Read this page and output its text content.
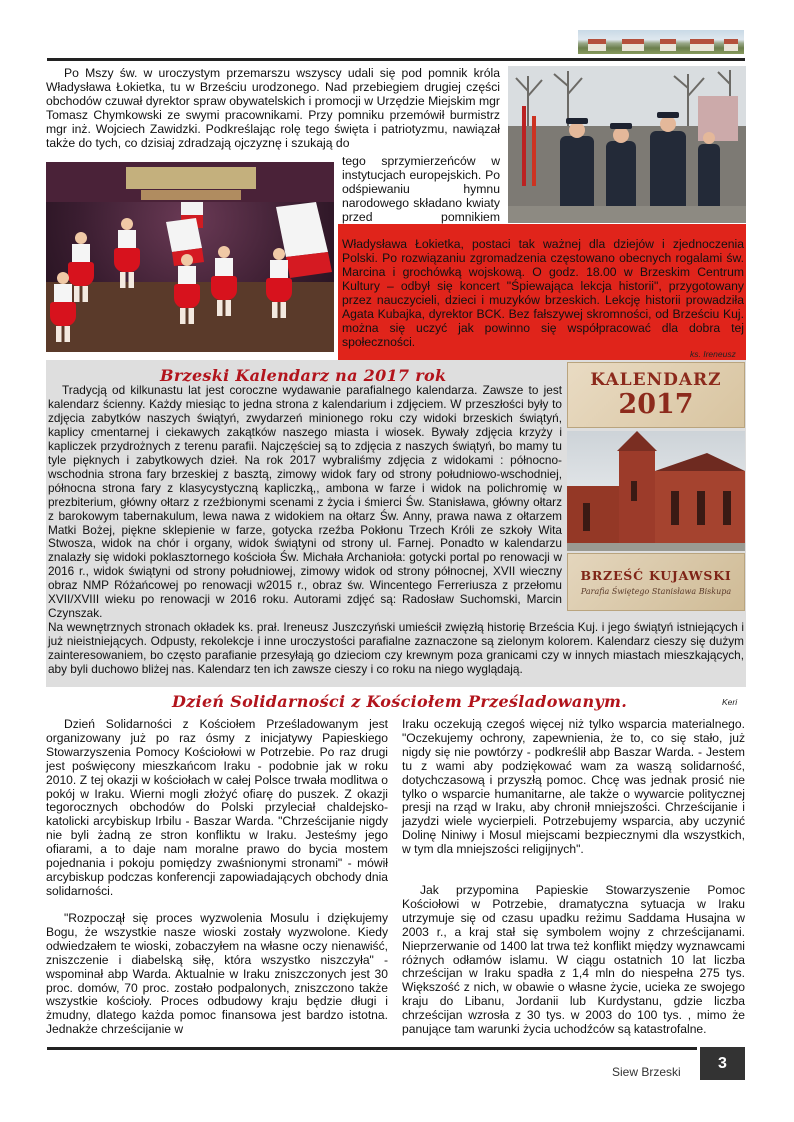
Po Mszy św. w uroczystym przemarszu wszyscy udali się pod pomnik króla Władysława Łokietka, tu w Brześciu urodzonego. Nad przebiegiem drugiej części obchodów czuwał dyrektor spraw obywatelskich i promocji w Urzędzie Miejskim mgr Tomasz Chymkowski ze swymi pracownikami. Przy pomniku przemówił burmistrz mgr inż. Wojciech Zawidzki. Podkreślając rolę tego święta i patriotyzmu, nawiązał także do tych, co dzisiaj zdradzają ojczyznę i szukają do
tego sprzymierzeńców w instytucjach europejskich. Po odśpiewaniu hymnu narodowego składano kwiaty przed pomnikiem
Władysława Łokietka, postaci tak ważnej dla dziejów i zjednoczenia Polski. Po rozwiązaniu zgromadzenia częstowano obecnych rogalami św. Marcina i grochówką wojskową. O godz. 18.00 w Brzeskim Centrum Kultury – odbył się koncert "Śpiewająca lekcja historii", przygotowany przez nauczycieli, dzieci i muzyków brzeskich. Lekcję historii prowadziła Agata Kubajka, dyrektor BCK. Bez fałszywej skromności, od Brześciu Kuj. można się uczyć jak powinno się współpracować dla dobra tej społeczności.
ks. Ireneusz
Brzeski Kalendarz na 2017 rok
Tradycją od kilkunastu lat jest coroczne wydawanie parafialnego kalendarza. Zawsze to jest kalendarz ścienny. Każdy miesiąc to jedna strona z kalendarium i zdjęciem. W przeszłości były to zdjęcia zabytków naszych świątyń, zwydarzeń minionego roku czy widoki brzeskich świątyń, kaplicy cmentarnej i ciekawych zakątków naszego miasta i wiosek. Bywały zdjęcia krzyży i kapliczek przydrożnych z terenu parafii. Najczęściej są to zdjęcia z naszych świątyń, bo mamy tu tyle pięknych i zabytkowych dzieł. Na rok 2017 wybraliśmy zdjęcia z widokami : północno-wschodnia strona fary brzeskiej z basztą, zimowy widok fary od strony południowo-wschodniej, północna strona fary z klasycystyczną kapliczką,, ambona w farze i widok na polichromię w prezbiterium, główny ołtarz z rzeźbionymi scenami z życia i śmierci Św. Stanisława, główny ołtarz z barokowym tabernakulum, lewa nawa z widokiem na ołtarz Św. Anny, prawa nawa z ołtarzem Matki Bożej, piękne sklepienie w farze, gotycka rzeźba Pokłonu Trzech Króli ze szkoły Wita Stwosza, widok na chór i organy, widok świątyni od strony ul. Farnej. Ponadto w kalendarzu znalazły się widoki poklasztornego kościoła Św. Michała Archanioła: gotycki portal po renowacji w 2016 r., widok świątyni od strony południowej, zimowy widok od strony północnej, XVII wieczny obraz NMP Różańcowej po renowacji w2015 r., obraz św. Wincentego Ferreriusza z przełomu XVII/XVIII wieku po renowacji w 2016 roku. Autorami zdjęć są: Radosław Suchomski, Marcin Czynszak.
KALENDARZ
2017
BRZEŚĆ KUJAWSKI
Parafia Świętego Stanisława Biskupa
Na wewnętrznych stronach okładek ks. prał. Ireneusz Juszczyński umieścił zwięzłą historię Brześcia Kuj. i jego świątyń istniejących i już nieistniejących. Odpusty, rekolekcje i inne uroczystości parafialne zaznaczone są zielonym kolorem. Kalendarz cieszy się dużym zainteresowaniem, bo często parafianie przesyłają go dzieciom czy krewnym poza granicami czy w innych miastach mieszkających, aby byli duchowo bliżej nas. Kalendarz ten ich zawsze cieszy i co roku na niego wyglądają.
Dzień Solidarności z Kościołem Prześladowanym.	Keri
Dzień Solidarności z Kościołem Prześladowanym jest organizowany już po raz ósmy z inicjatywy Papieskiego Stowarzyszenia Pomocy Kościołowi w Potrzebie. Po raz drugi jest poświęcony mieszkańcom Iraku - podobnie jak w roku 2010. Z tej okazji w kościołach w całej Polsce trwała modlitwa o pokój w Iraku. Wierni mogli złożyć ofiarę do puszek. Z okazji tegorocznych obchodów do Polski przyleciał chaldejsko-katolicki arcybiskup Irbilu - Baszar Warda. "Chrześcijanie nigdy nie byli żadną ze stron konfliktu w Iraku. Jesteśmy jego ofiarami, a to daje nam moralne prawo do bycia mostem pojednania i pokoju pomiędzy zwaśnionymi stronami" - mówił arcybiskup podczas konferencji zapowiadających obchody dnia solidarności.
"Rozpoczął się proces wyzwolenia Mosulu i dziękujemy Bogu, że wszystkie nasze wioski zostały wyzwolone. Kiedy odwiedzałem te wioski, zobaczyłem na własne oczy nienawiść, zniszczenie i diabelską siłę, która wszystko niszczyła" - wspominał abp Warda. Aktualnie w Iraku zniszczonych jest 30 proc. domów, 70 proc. zostało podpalonych, zniszczono także wszystkie kościoły. Proces odbudowy kraju będzie długi i żmudny, dlatego każda pomoc finansowa jest bardzo istotna. Jednakże chrześcijanie w
Iraku oczekują czegoś więcej niż tylko wsparcia materialnego. "Oczekujemy ochrony, zapewnienia, że to, co się stało, już nigdy się nie powtórzy - podkreślił abp Baszar Warda. - Jestem tu z wami aby podziękować wam za waszą solidarność, dotychczasową i przyszłą pomoc. Chcę was jednak prosić nie tylko o wsparcie humanitarne, ale także o wywarcie politycznej presji na rząd w Iraku, aby chronił mniejszości. Chrześcijanie i jazydzi wiele wycierpieli. Potrzebujemy wsparcia, aby uczynić Dolinę Niniwy i Mosul miejscami bezpiecznymi dla wszystkich, w tym dla mniejszości religijnych".
Jak przypomina Papieskie Stowarzyszenie Pomoc Kościołowi w Potrzebie, dramatyczna sytuacja w Iraku utrzymuje się od czasu upadku reżimu Saddama Husajna w 2003 r., a kraj stał się symbolem wojny z chrześcijanami. Nieprzerwanie od 1400 lat trwa też konflikt między wyznawcami różnych odłamów islamu. W ciągu ostatnich 10 lat liczba chrześcijan w Iraku spadła z 1,4 mln do niespełna 275 tys. Większość z nich, w obawie o własne życie, ucieka ze swojego kraju do Libanu, Jordanii lub Kurdystanu, gdzie liczba chrześcijan wzrosła z 30 tys. w 2003 do 100 tys. , mimo że panujące tam warunki życia uchodźców są katastrofalne.
Siew Brzeski
3
